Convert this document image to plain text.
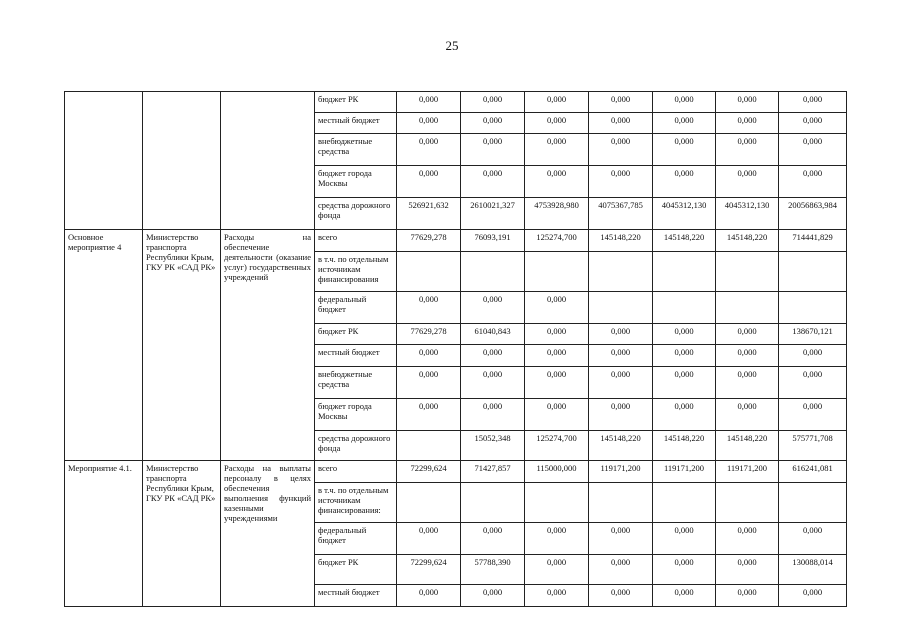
25
			бюджет РК	0,000	0,000	0,000	0,000	0,000	0,000	0,000
			местный бюджет	0,000	0,000	0,000	0,000	0,000	0,000	0,000
			внебюджетные средства	0,000	0,000	0,000	0,000	0,000	0,000	0,000
			бюджет города Москвы	0,000	0,000	0,000	0,000	0,000	0,000	0,000
			средства дорожного фонда	526921,632	2610021,327	4753928,980	4075367,785	4045312,130	4045312,130	20056863,984
Основное мероприятие 4	Министерство транспорта Республики Крым, ГКУ РК «САД РК»	Расходы на обеспечение деятельности (оказание услуг) государственных учреждений	всего	77629,278	76093,191	125274,700	145148,220	145148,220	145148,220	714441,829
			в т.ч. по отдельным источникам финансирования							
			федеральный бюджет	0,000	0,000	0,000				
			бюджет РК	77629,278	61040,843	0,000	0,000	0,000	0,000	138670,121
			местный бюджет	0,000	0,000	0,000	0,000	0,000	0,000	0,000
			внебюджетные средства	0,000	0,000	0,000	0,000	0,000	0,000	0,000
			бюджет города Москвы	0,000	0,000	0,000	0,000	0,000	0,000	0,000
			средства дорожного фонда		15052,348	125274,700	145148,220	145148,220	145148,220	575771,708
Мероприятие 4.1.	Министерство транспорта Республики Крым, ГКУ РК «САД РК»	Расходы на выплаты персоналу в целях обеспечения выполнения функций казенными учреждениями	всего	72299,624	71427,857	115000,000	119171,200	119171,200	119171,200	616241,081
			в т.ч. по отдельным источникам финансирования:							
			федеральный бюджет	0,000	0,000	0,000	0,000	0,000	0,000	0,000
			бюджет РК	72299,624	57788,390	0,000	0,000	0,000	0,000	130088,014
			местный бюджет	0,000	0,000	0,000	0,000	0,000	0,000	0,000
